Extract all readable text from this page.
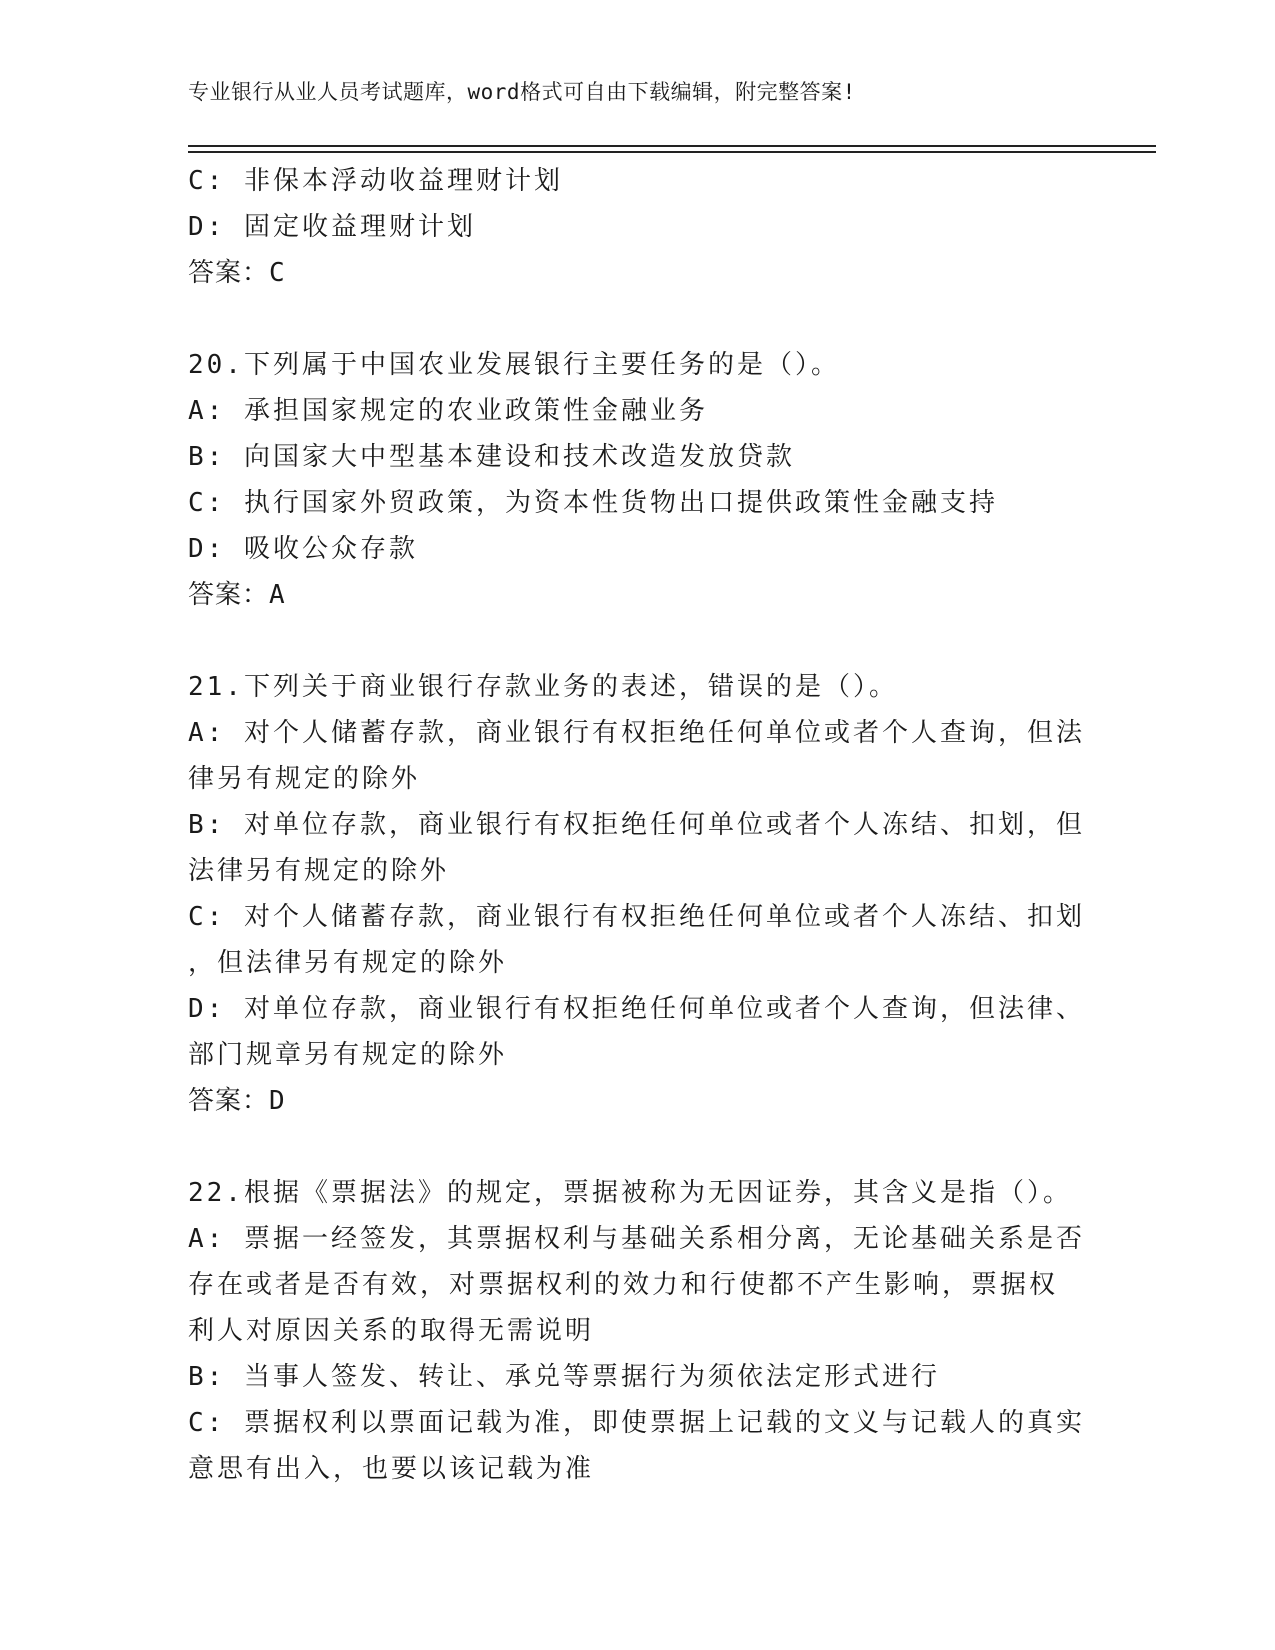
专业银行从业人员考试题库，word格式可自由下载编辑，附完整答案!
C: 非保本浮动收益理财计划
D: 固定收益理财计划
答案：C
20.下列属于中国农业发展银行主要任务的是（）。
A: 承担国家规定的农业政策性金融业务
B: 向国家大中型基本建设和技术改造发放贷款
C: 执行国家外贸政策，为资本性货物出口提供政策性金融支持
D: 吸收公众存款
答案：A
21.下列关于商业银行存款业务的表述，错误的是（）。
A: 对个人储蓄存款，商业银行有权拒绝任何单位或者个人查询，但法
律另有规定的除外
B: 对单位存款，商业银行有权拒绝任何单位或者个人冻结、扣划，但
法律另有规定的除外
C: 对个人储蓄存款，商业银行有权拒绝任何单位或者个人冻结、扣划
，但法律另有规定的除外
D: 对单位存款，商业银行有权拒绝任何单位或者个人查询，但法律、
部门规章另有规定的除外
答案：D
22.根据《票据法》的规定，票据被称为无因证券，其含义是指（）。
A: 票据一经签发，其票据权利与基础关系相分离，无论基础关系是否
存在或者是否有效，对票据权利的效力和行使都不产生影响，票据权
利人对原因关系的取得无需说明
B: 当事人签发、转让、承兑等票据行为须依法定形式进行
C: 票据权利以票面记载为准，即使票据上记载的文义与记载人的真实
意思有出入，也要以该记载为准
